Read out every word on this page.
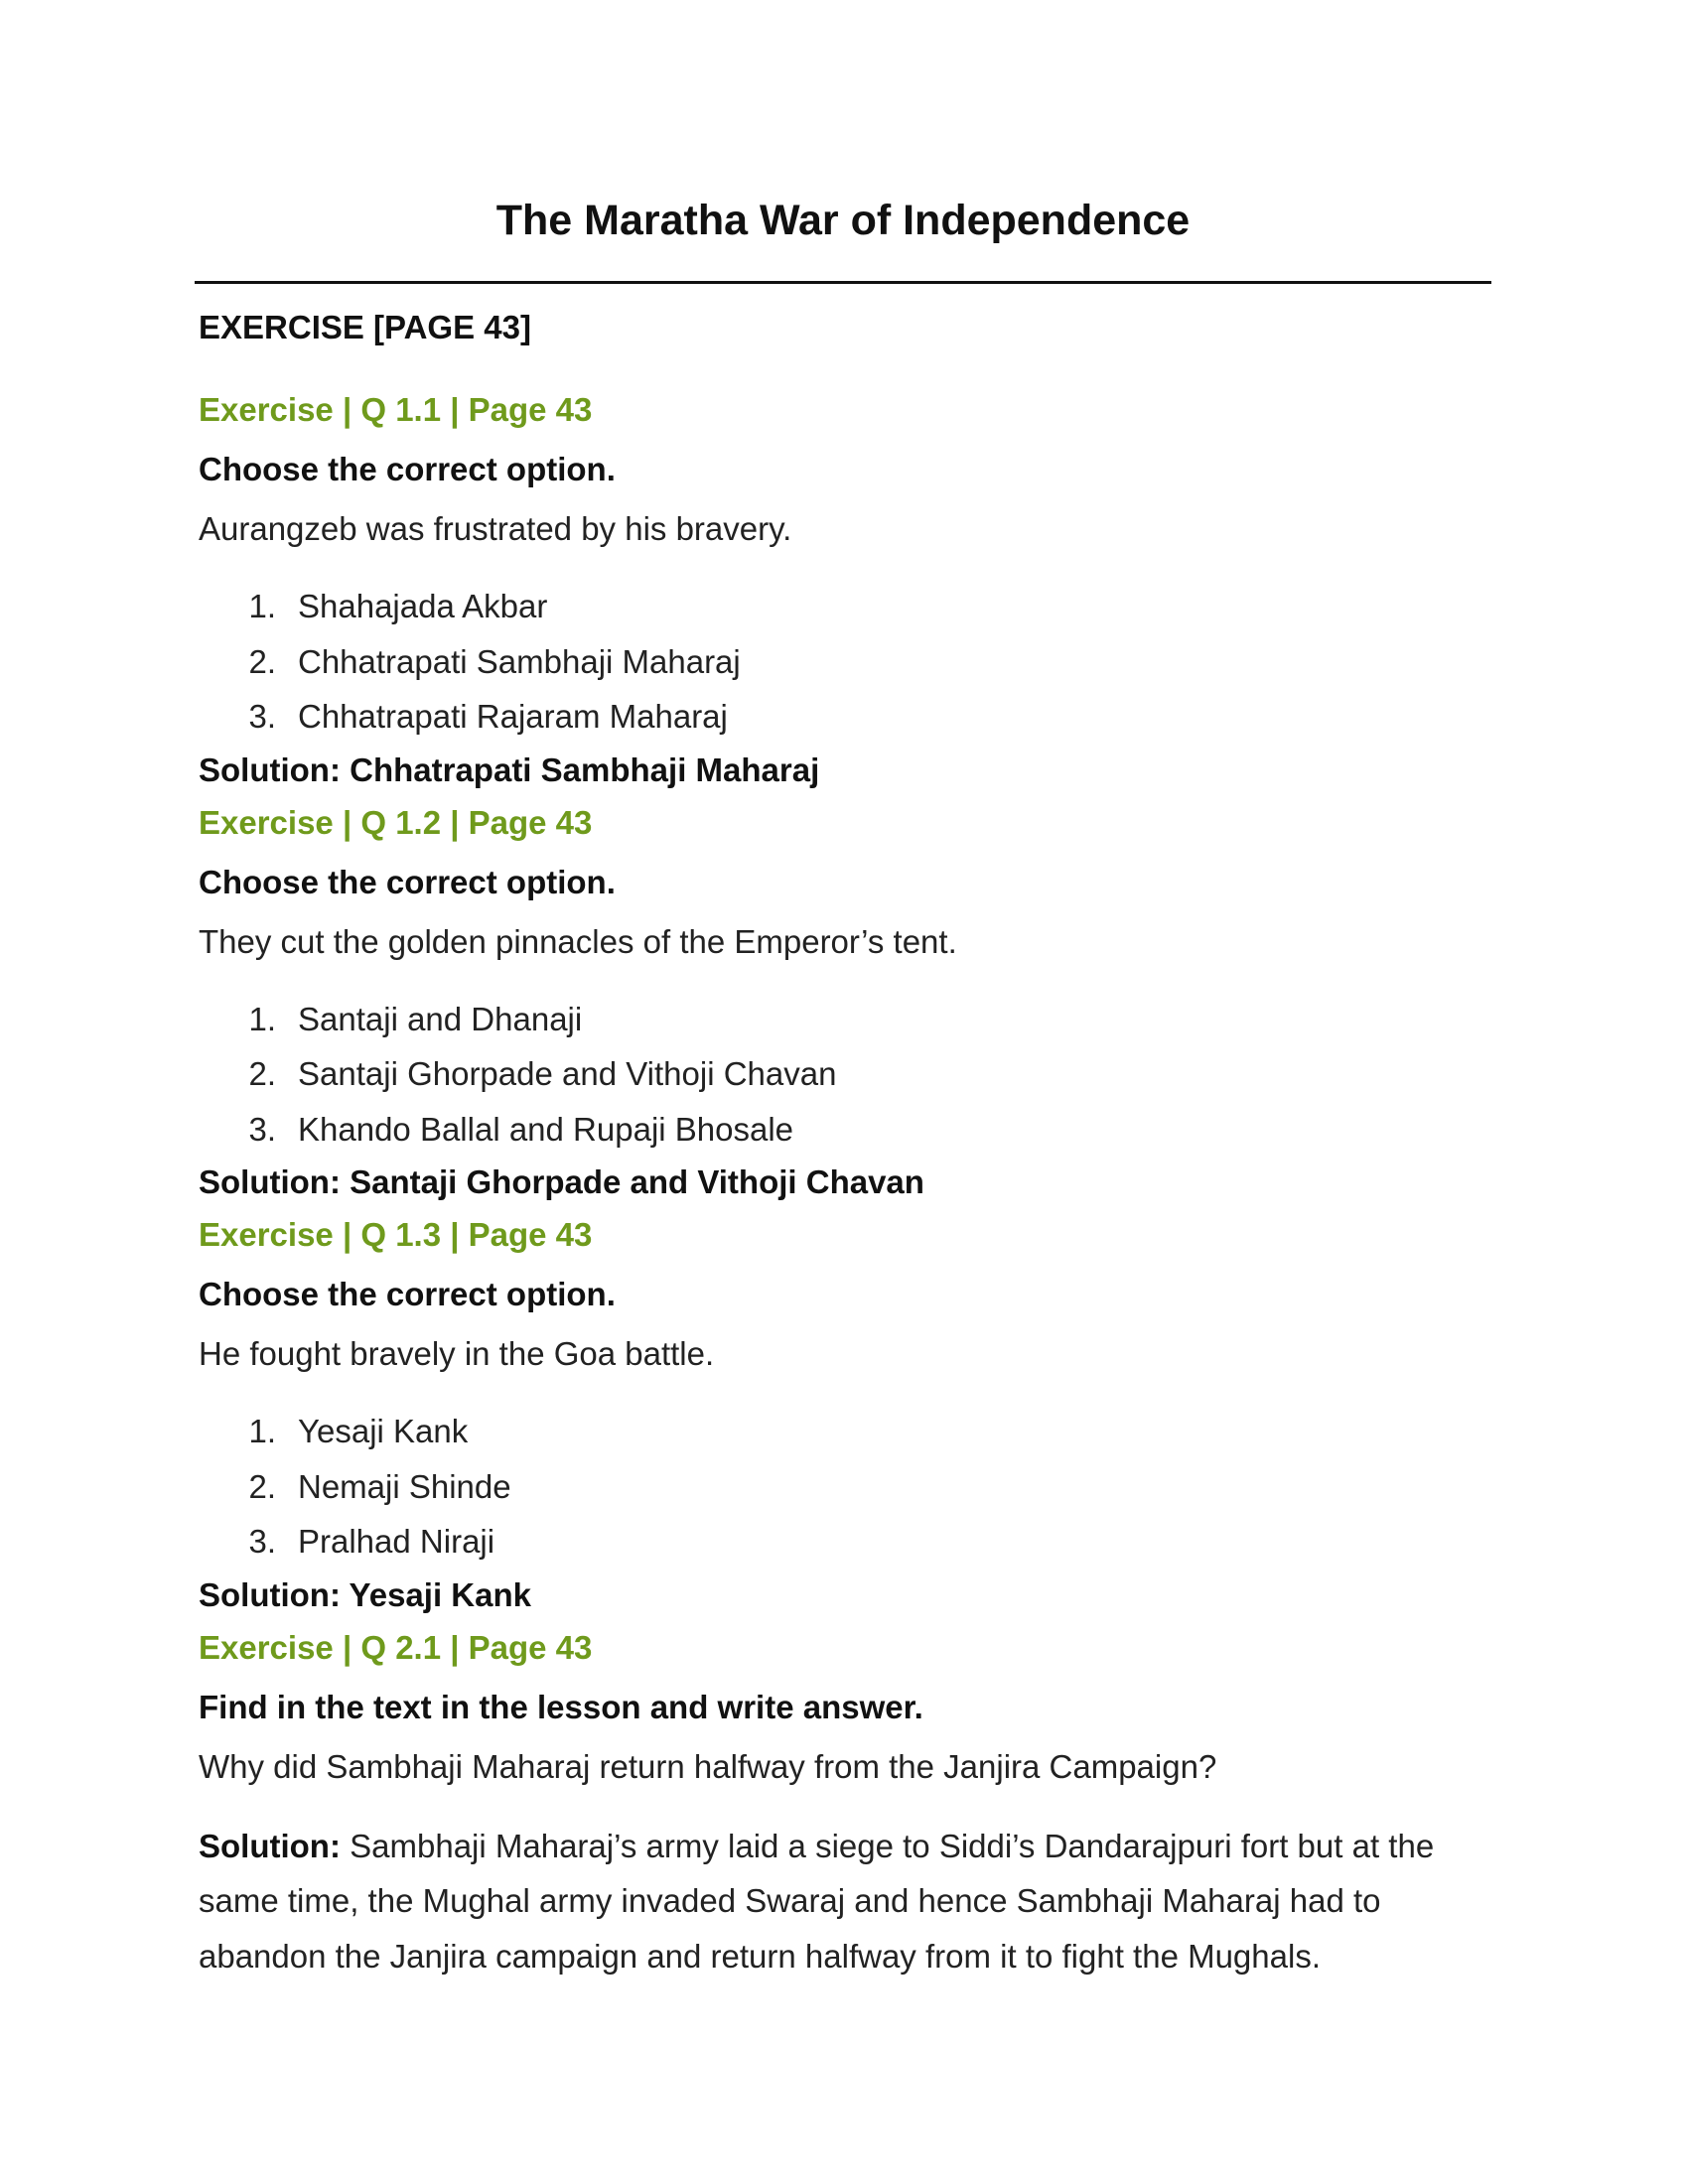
The Maratha War of Independence
EXERCISE [PAGE 43]
Exercise | Q 1.1 | Page 43
Choose the correct option.
Aurangzeb was frustrated by his bravery.
1. Shahajada Akbar
2. Chhatrapati Sambhaji Maharaj
3. Chhatrapati Rajaram Maharaj
Solution: Chhatrapati Sambhaji Maharaj
Exercise | Q 1.2 | Page 43
Choose the correct option.
They cut the golden pinnacles of the Emperor’s tent.
1. Santaji and Dhanaji
2. Santaji Ghorpade and Vithoji Chavan
3. Khando Ballal and Rupaji Bhosale
Solution: Santaji Ghorpade and Vithoji Chavan
Exercise | Q 1.3 | Page 43
Choose the correct option.
He fought bravely in the Goa battle.
1. Yesaji Kank
2. Nemaji Shinde
3. Pralhad Niraji
Solution: Yesaji Kank
Exercise | Q 2.1 | Page 43
Find in the text in the lesson and write answer.
Why did Sambhaji Maharaj return halfway from the Janjira Campaign?

Solution: Sambhaji Maharaj’s army laid a siege to Siddi’s Dandarajpuri fort but at the same time, the Mughal army invaded Swaraj and hence Sambhaji Maharaj had to abandon the Janjira campaign and return halfway from it to fight the Mughals.
